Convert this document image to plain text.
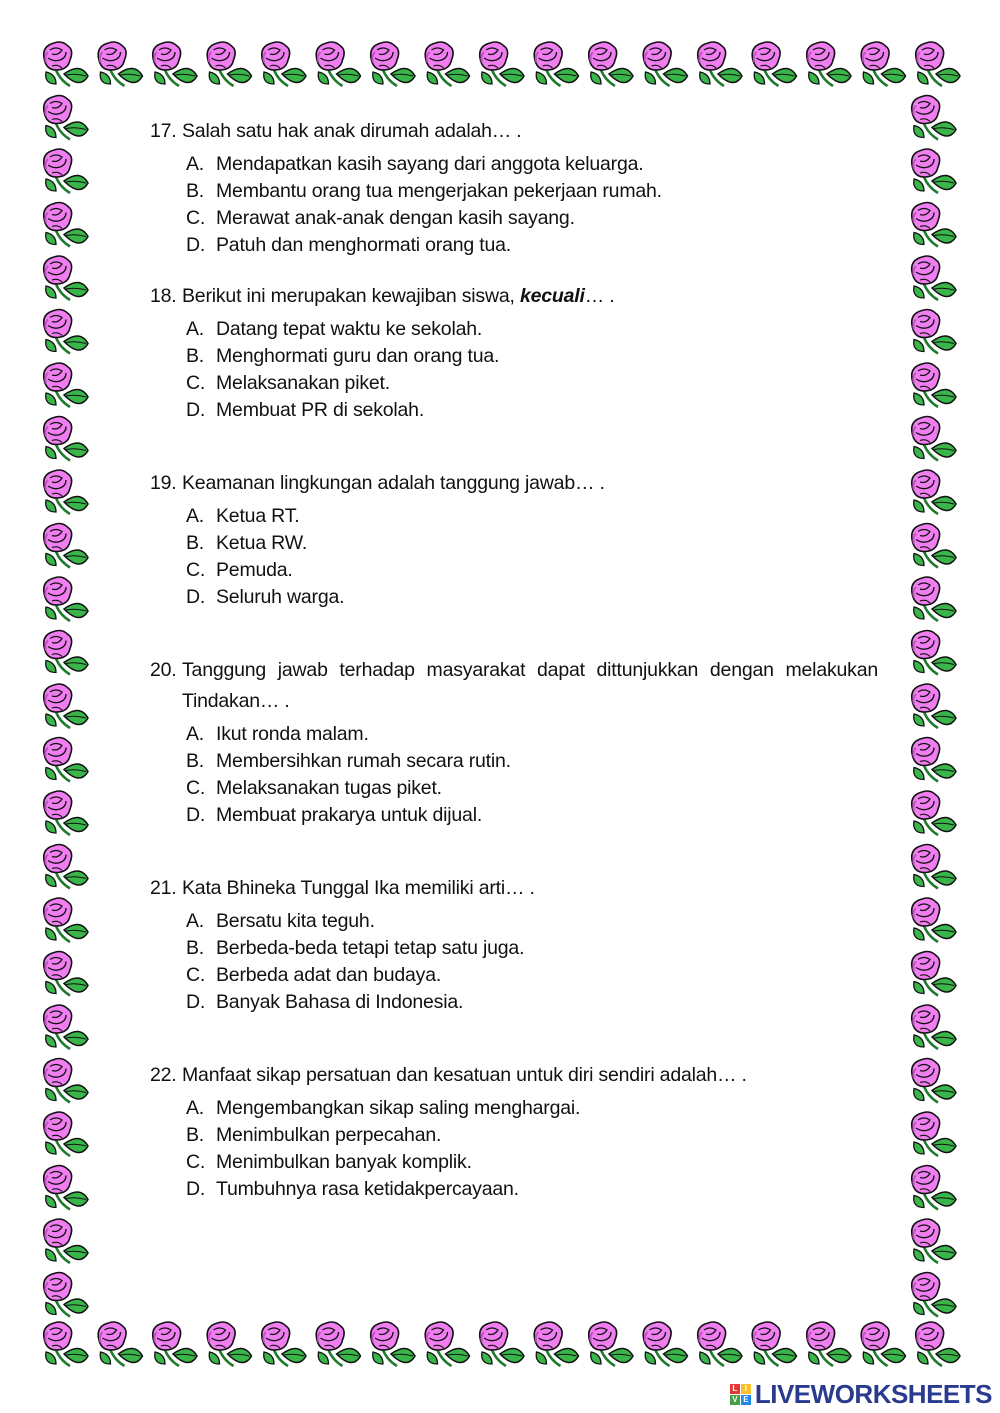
17. Salah satu hak anak dirumah adalah… .
A. Mendapatkan kasih sayang dari anggota keluarga.
B. Membantu orang tua mengerjakan pekerjaan rumah.
C. Merawat anak-anak dengan kasih sayang.
D. Patuh dan menghormati orang tua.
18. Berikut ini merupakan kewajiban siswa, kecuali… .
A. Datang tepat waktu ke sekolah.
B. Menghormati guru dan orang tua.
C. Melaksanakan piket.
D. Membuat PR di sekolah.
19. Keamanan lingkungan adalah tanggung jawab… .
A. Ketua RT.
B. Ketua RW.
C. Pemuda.
D. Seluruh warga.
20. Tanggung jawab terhadap masyarakat dapat dittunjukkan dengan melakukan
Tindakan… .
A. Ikut ronda malam.
B. Membersihkan rumah secara rutin.
C. Melaksanakan tugas piket.
D. Membuat prakarya untuk dijual.
21. Kata Bhineka Tunggal Ika memiliki arti… .
A. Bersatu kita teguh.
B. Berbeda-beda tetapi tetap satu juga.
C. Berbeda adat dan budaya.
D. Banyak Bahasa di Indonesia.
22. Manfaat sikap persatuan dan kesatuan untuk diri sendiri adalah… .
A. Mengembangkan sikap saling menghargai.
B. Menimbulkan perpecahan.
C. Menimbulkan banyak komplik.
D. Tumbuhnya rasa ketidakpercayaan.
L I
V E LIVEWORKSHEETS
